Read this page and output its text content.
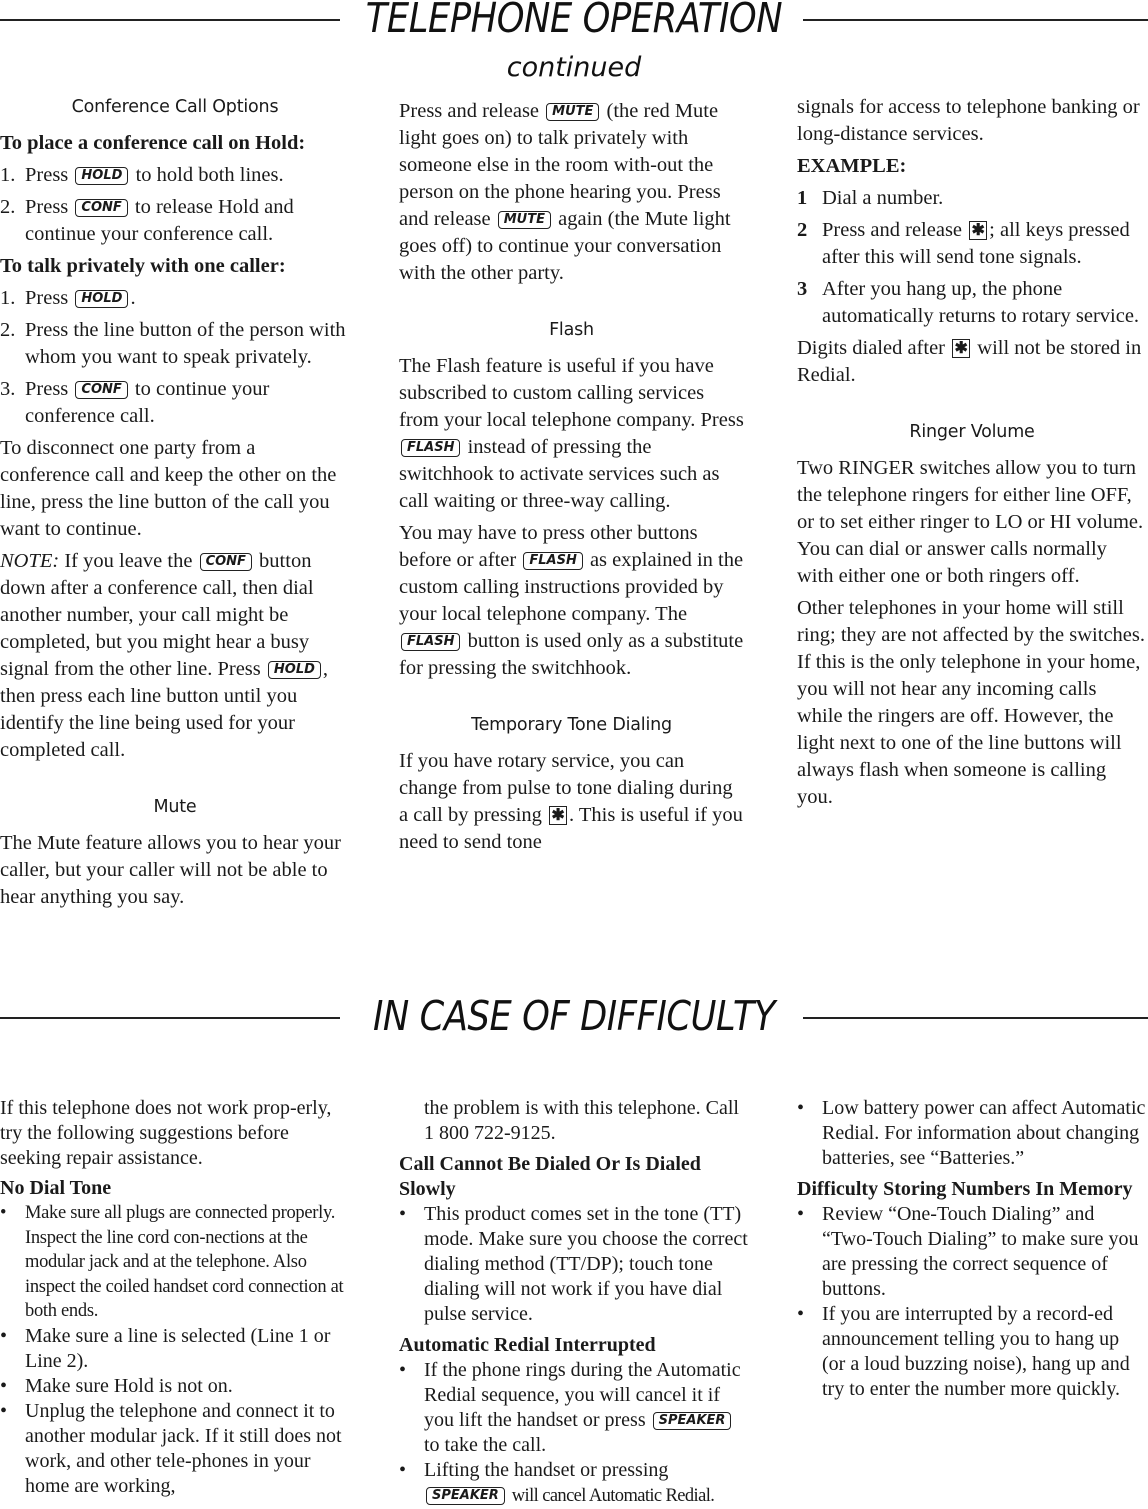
TELEPHONE OPERATION
continued
Conference Call Options

To place a conference call on Hold:

1. Press HOLD to hold both lines.
2. Press CONF to release Hold and continue your conference call.

To talk privately with one caller:

1. Press HOLD .
2. Press the line button of the person with whom you want to speak privately.
3. Press CONF to continue your conference call.

To disconnect one party from a conference call and keep the other on the line, press the line button of the call you want to continue.

NOTE: If you leave the CONF button down after a conference call, then dial another number, your call might be completed, but you might hear a busy signal from the other line. Press HOLD , then press each line button until you identify the line being used for your completed call.

Mute

The Mute feature allows you to hear your caller, but your caller will not be able to hear anything you say.

Press and release MUTE (the red Mute light goes on) to talk privately with someone else in the room with-out the person on the phone hearing you. Press and release MUTE again (the Mute light goes off) to continue your conversation with the other party.

Flash

The Flash feature is useful if you have subscribed to custom calling services from your local telephone company. Press FLASH instead of pressing the switchhook to activate services such as call waiting or three-way calling.

You may have to press other buttons before or after FLASH as explained in the custom calling instructions provided by your local telephone company. The FLASH button is used only as a substitute for pressing the switchhook.

Temporary Tone Dialing

If you have rotary service, you can change from pulse to tone dialing during a call by pressing ✱ . This is useful if you need to send tone

signals for access to telephone banking or long-distance services.

EXAMPLE:

1 Dial a number.
2 Press and release ✱ ; all keys pressed after this will send tone signals.
3 After you hang up, the phone automatically returns to rotary service.

Digits dialed after ✱ will not be stored in Redial.

Ringer Volume

Two RINGER switches allow you to turn the telephone ringers for either line OFF, or to set either ringer to LO or HI volume. You can dial or answer calls normally with either one or both ringers off.

Other telephones in your home will still ring; they are not affected by the switches. If this is the only telephone in your home, you will not hear any incoming calls while the ringers are off. However, the light next to one of the line buttons will always flash when someone is calling you.

IN CASE OF DIFFICULTY

If this telephone does not work prop-erly, try the following suggestions before seeking repair assistance.

No Dial Tone

•	Make sure all plugs are connected properly. Inspect the line cord con-nections at the modular jack and at the telephone. Also inspect the coiled handset cord connection at both ends.
• Make sure a line is selected (Line 1 or Line 2).
• Make sure Hold is not on.
• Unplug the telephone and connect it to another modular jack. If it still does not work, and other tele-phones in your home are working,
the problem is with this telephone. Call 1 800 722-9125.

Call Cannot Be Dialed Or Is Dialed Slowly

• This product comes set in the tone (TT) mode. Make sure you choose the correct dialing method (TT/DP); touch tone dialing will not work if you have dial pulse service.

Automatic Redial Interrupted

• If the phone rings during the Automatic Redial sequence, you will cancel it if you lift the handset or press SPEAKER to take the call.
• Lifting the handset or pressing
SPEAKER will cancel Automatic Redial.
• Low battery power can affect Automatic Redial. For information about changing batteries, see “Batteries.”

Difficulty Storing Numbers In Memory

• Review “One-Touch Dialing” and “Two-Touch Dialing” to make sure you are pressing the correct sequence of buttons.
• If you are interrupted by a record-ed announcement telling you to hang up (or a loud buzzing noise), hang up and try to enter the number more quickly.
